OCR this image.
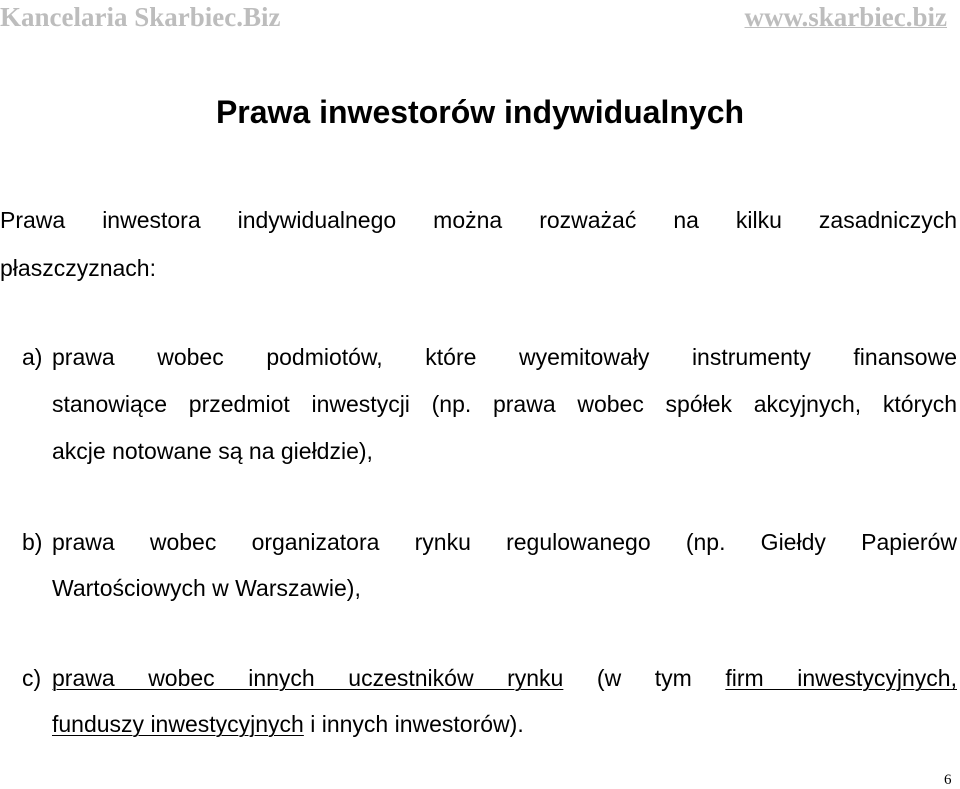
Kancelaria Skarbiec.Biz	www.skarbiec.biz
Prawa inwestorów indywidualnych
Prawa inwestora indywidualnego można rozważać na kilku zasadniczych
płaszczyznach:
a) prawa wobec podmiotów, które wyemitowały instrumenty finansowe
stanowiące przedmiot inwestycji (np. prawa wobec spółek akcyjnych, których
akcje notowane są na giełdzie),
b) prawa wobec organizatora rynku regulowanego (np. Giełdy Papierów
Wartościowych w Warszawie),
c) prawa wobec innych uczestników rynku (w tym firm inwestycyjnych,
funduszy inwestycyjnych i innych inwestorów).
6
